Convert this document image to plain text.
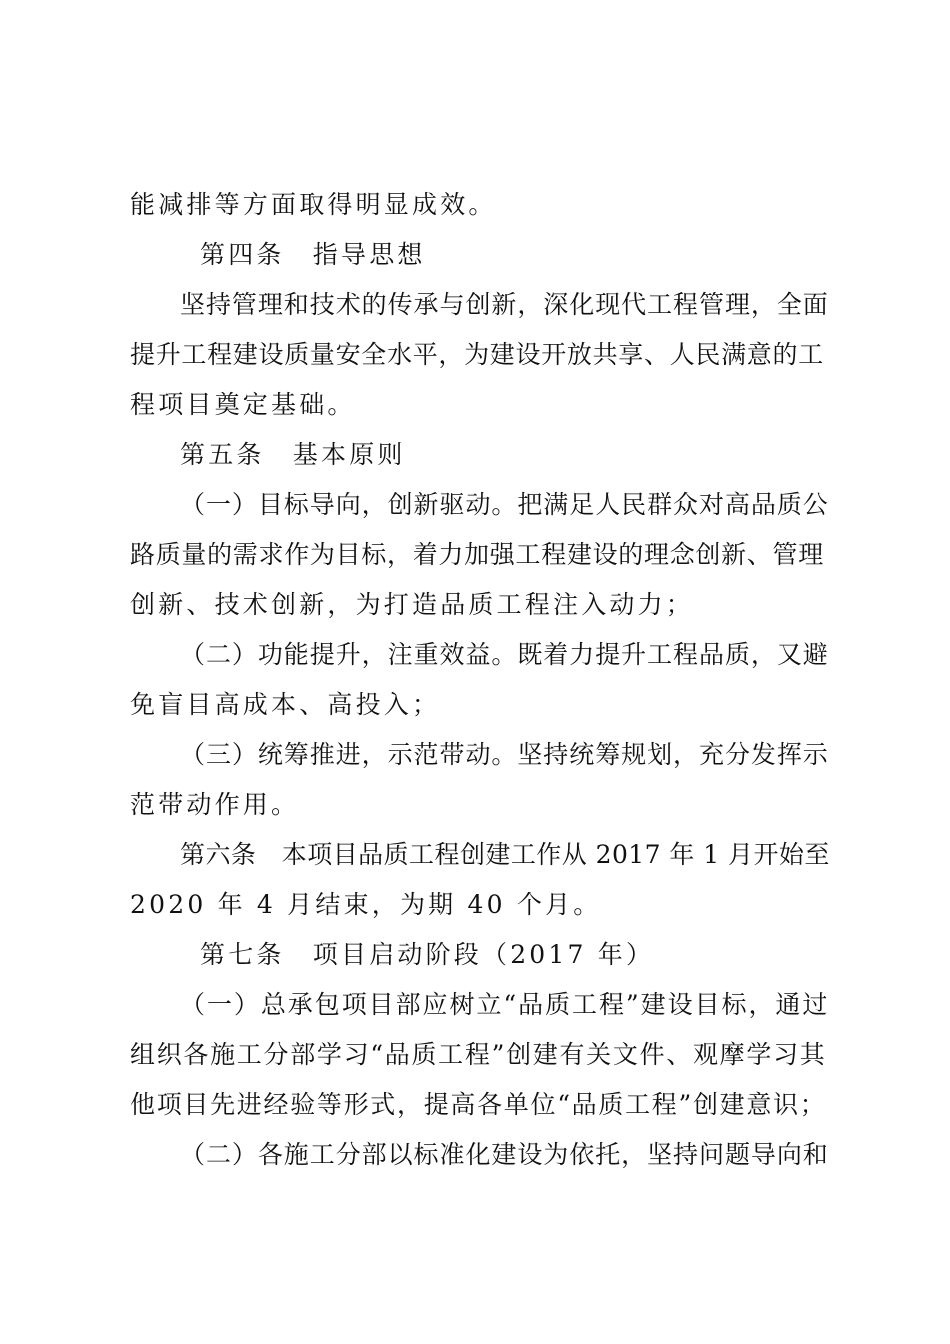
能减排等方面取得明显成效。
第四条　指导思想
坚持管理和技术的传承与创新，深化现代工程管理，全面
提升工程建设质量安全水平，为建设开放共享、人民满意的工
程项目奠定基础。
第五条　基本原则
（一）目标导向，创新驱动。把满足人民群众对高品质公
路质量的需求作为目标，着力加强工程建设的理念创新、管理
创新、技术创新，为打造品质工程注入动力；
（二）功能提升，注重效益。既着力提升工程品质，又避
免盲目高成本、高投入；
（三）统筹推进，示范带动。坚持统筹规划，充分发挥示
范带动作用。
第六条　本项目品质工程创建工作从 2017 年 1 月开始至
2020 年 4 月结束，为期 40 个月。
第七条　项目启动阶段（2017 年）
（一）总承包项目部应树立“品质工程”建设目标，通过
组织各施工分部学习“品质工程”创建有关文件、观摩学习其
他项目先进经验等形式，提高各单位“品质工程”创建意识；
（二）各施工分部以标准化建设为依托，坚持问题导向和
